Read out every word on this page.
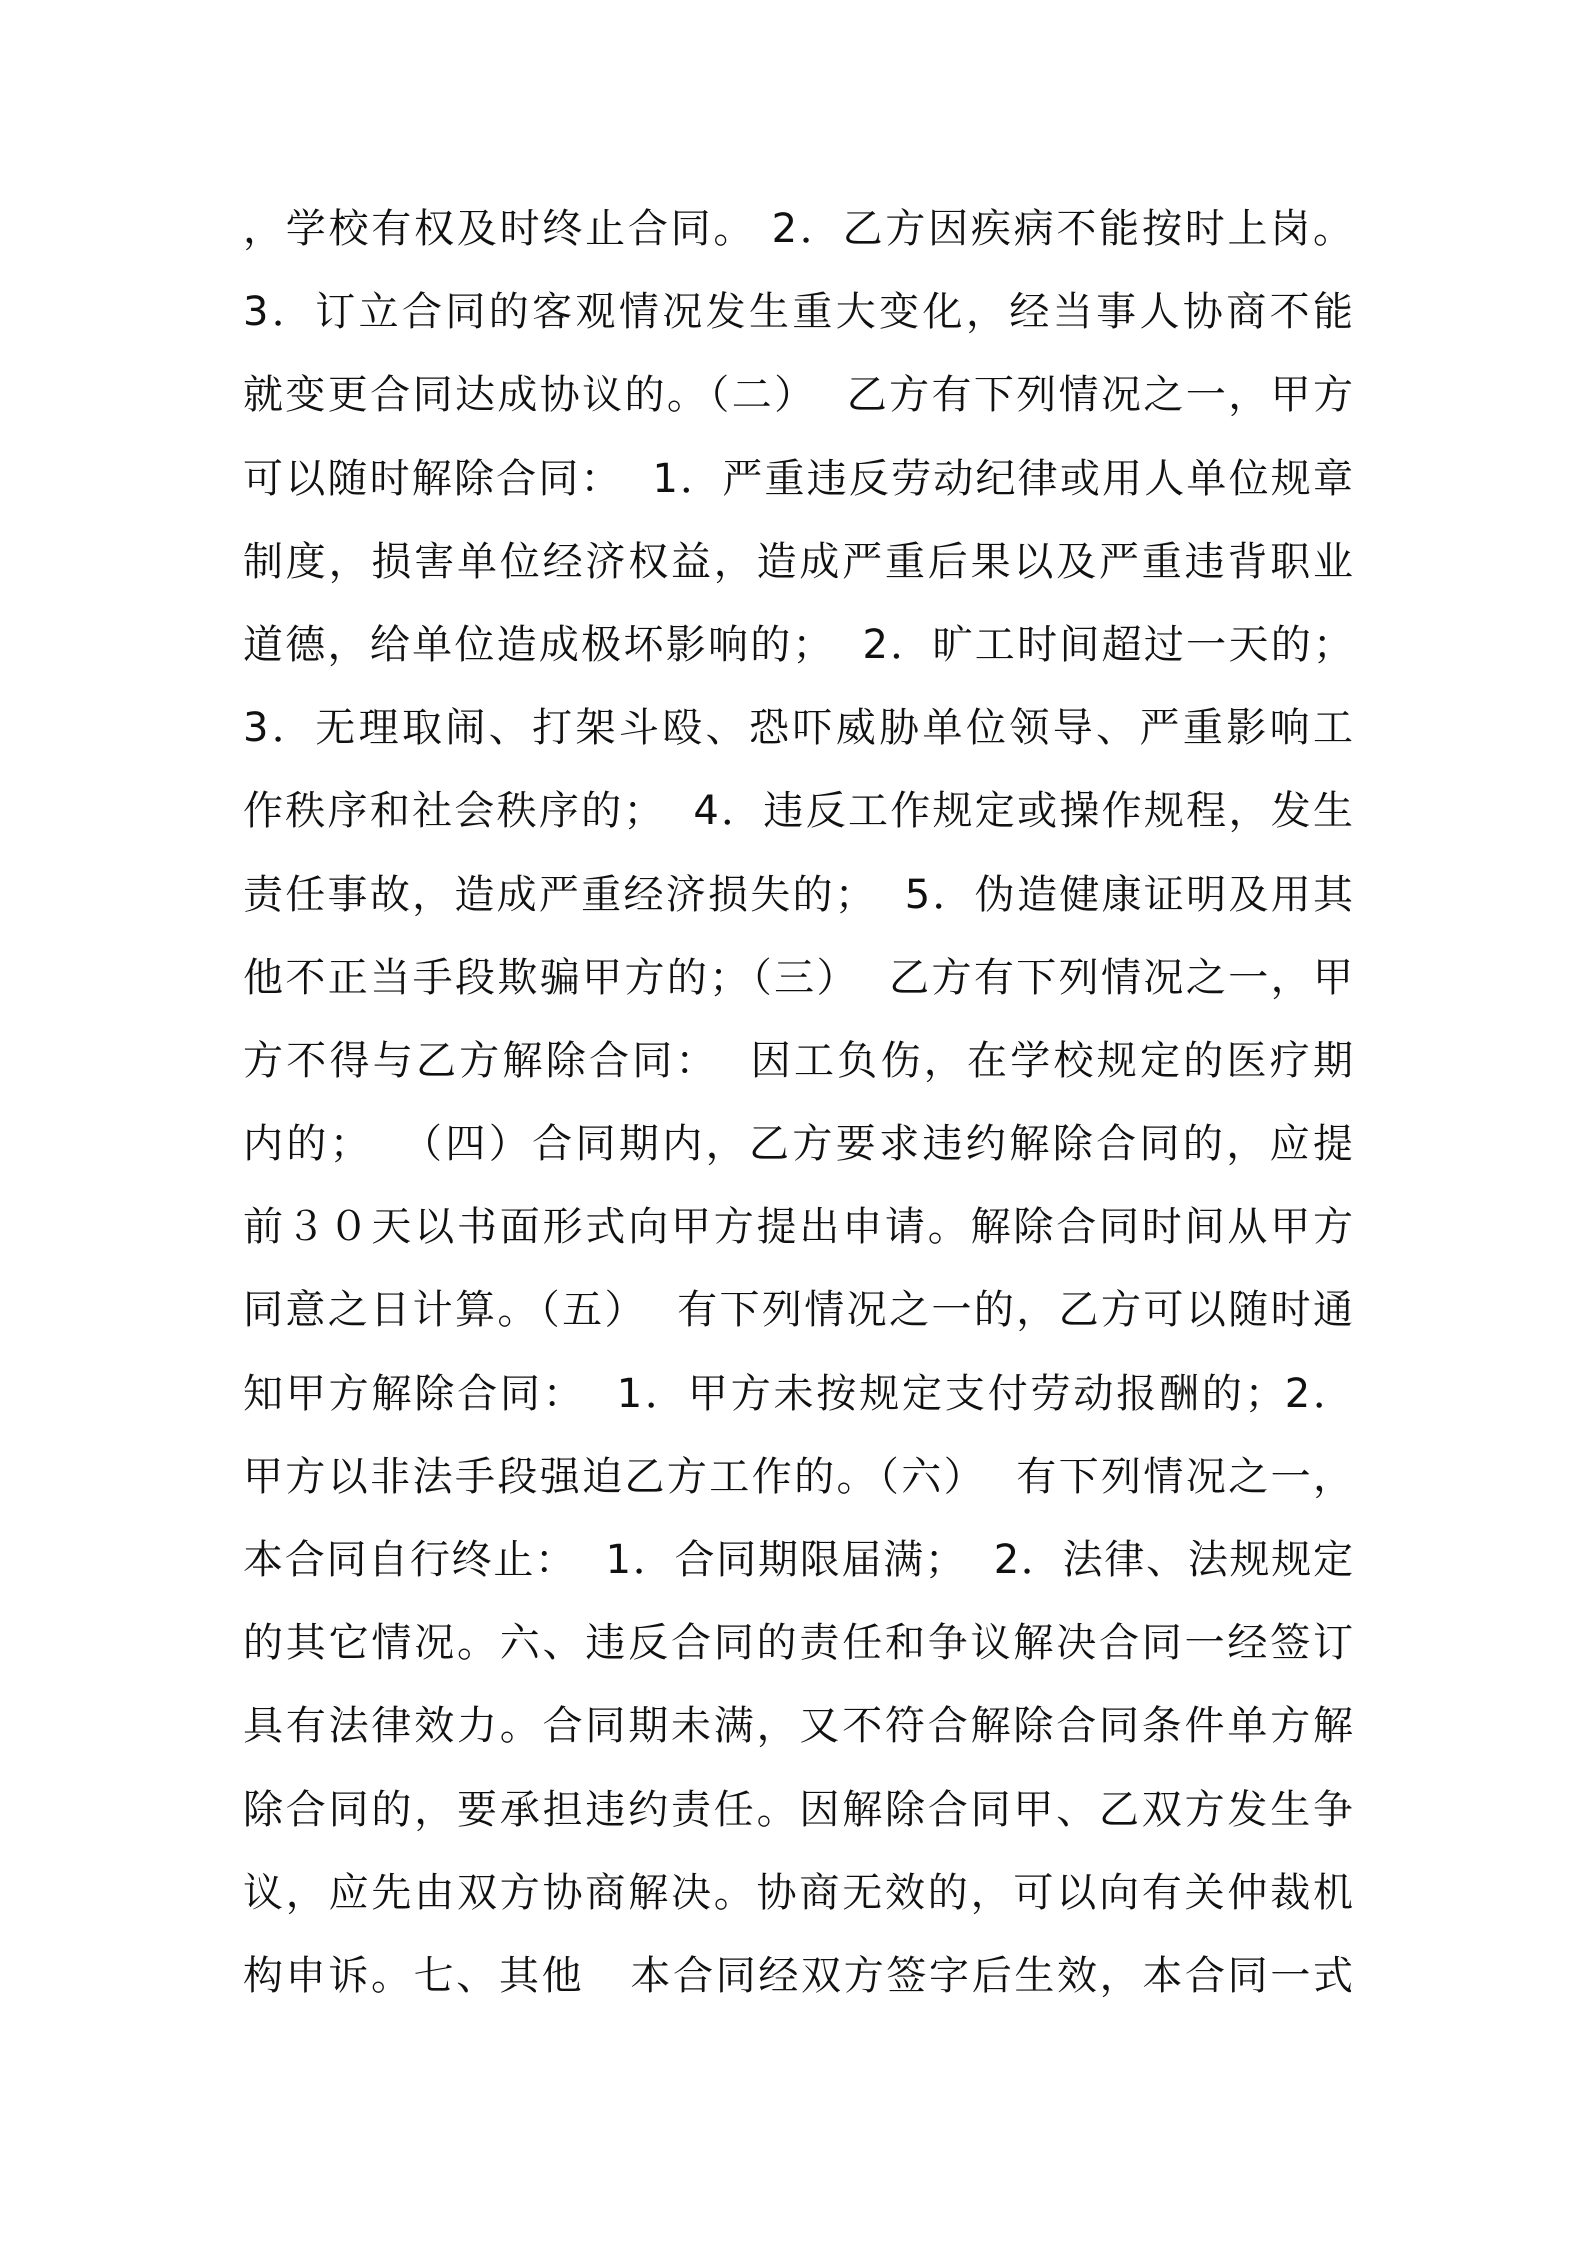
，学校有权及时终止合同。 2．乙方因疾病不能按时上岗。
3．订立合同的客观情况发生重大变化，经当事人协商不能
就变更合同达成协议的。（二）  乙方有下列情况之一，甲方
可以随时解除合同：  1．严重违反劳动纪律或用人单位规章
制度，损害单位经济权益，造成严重后果以及严重违背职业
道德，给单位造成极坏影响的；  2．旷工时间超过一天的；
3．无理取闹、打架斗殴、恐吓威胁单位领导、严重影响工
作秩序和社会秩序的；  4．违反工作规定或操作规程，发生
责任事故，造成严重经济损失的；  5．伪造健康证明及用其
他不正当手段欺骗甲方的；（三）  乙方有下列情况之一，甲
方不得与乙方解除合同：  因工负伤，在学校规定的医疗期
内的；  （四）合同期内，乙方要求违约解除合同的，应提
前３０天以书面形式向甲方提出申请。解除合同时间从甲方
同意之日计算。（五）  有下列情况之一的，乙方可以随时通
知甲方解除合同：  1．甲方未按规定支付劳动报酬的；2．
甲方以非法手段强迫乙方工作的。（六）  有下列情况之一，
本合同自行终止：  1．合同期限届满；  2．法律、法规规定
的其它情况。六、违反合同的责任和争议解决合同一经签订
具有法律效力。合同期未满，又不符合解除合同条件单方解
除合同的，要承担违约责任。因解除合同甲、乙双方发生争
议，应先由双方协商解决。协商无效的，可以向有关仲裁机
构申诉。七、其他   本合同经双方签字后生效，本合同一式
